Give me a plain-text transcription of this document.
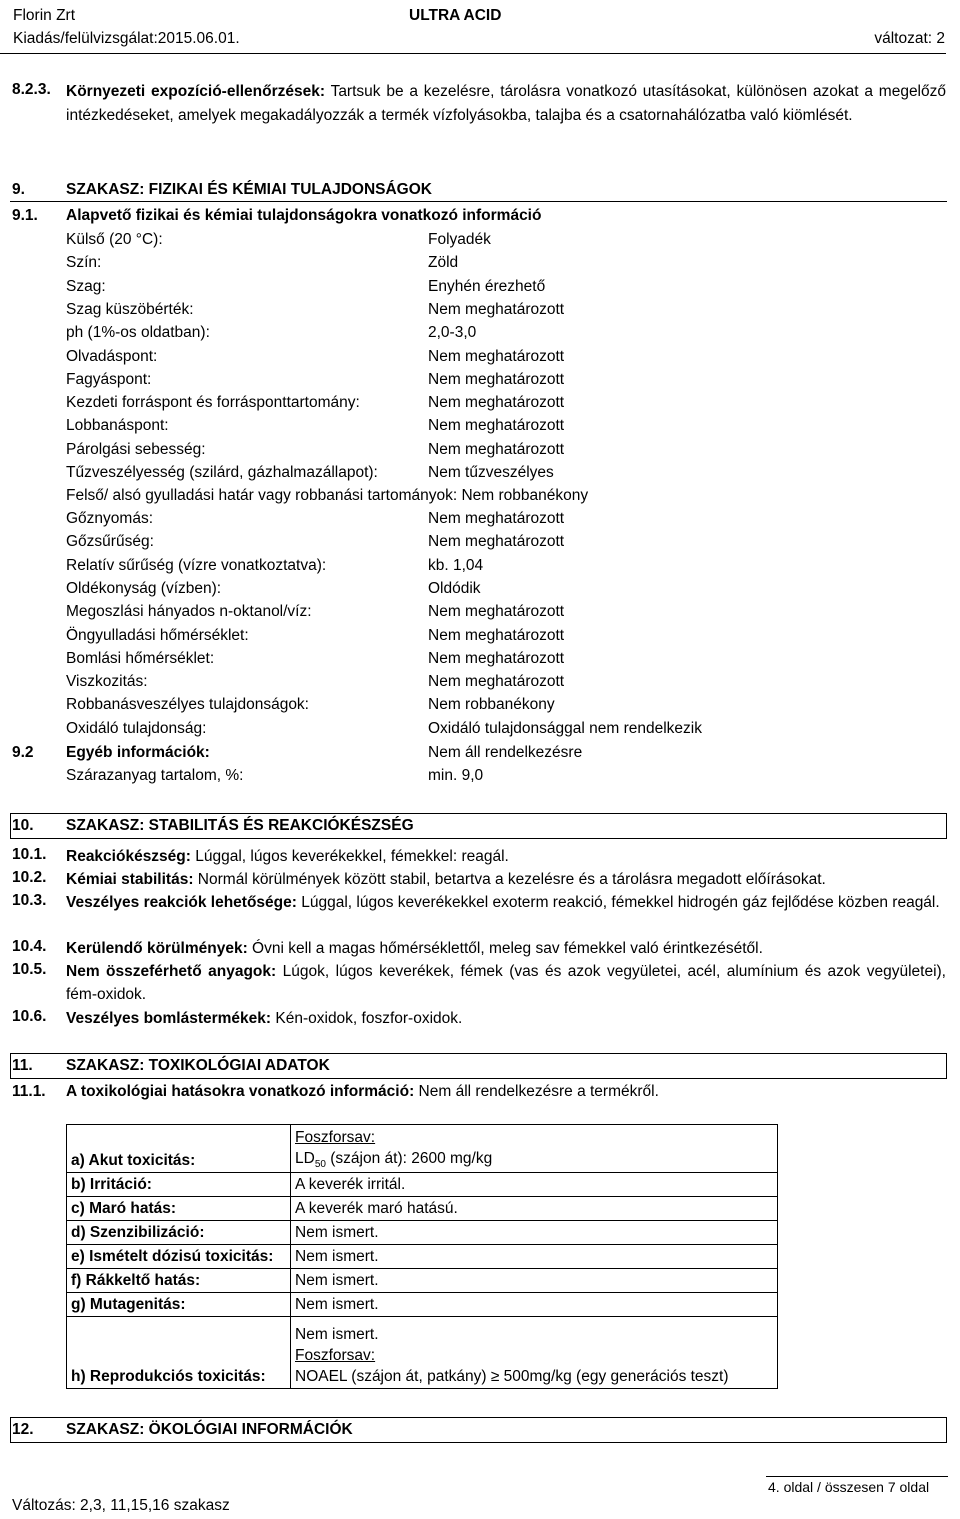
Florin Zrt	ULTRA ACID
Kiadás/felülvizsgálat:2015.06.01.	változat: 2
8.2.3. Környezeti expozíció-ellenőrzések: Tartsuk be a kezelésre, tárolásra vonatkozó utasításokat, különösen azokat a megelőző intézkedéseket, amelyek megakadályozzák a termék vízfolyásokba, talajba és a csatornahálózatba való kiömlését.
9.	SZAKASZ: FIZIKAI ÉS KÉMIAI TULAJDONSÁGOK
9.1. Alapvető fizikai és kémiai tulajdonságokra vonatkozó információ
Külső (20 °C):	Folyadék
Szín:	Zöld
Szag:	Enyhén érezhető
Szag küszöbérték:	Nem meghatározott
ph (1%-os oldatban):	2,0-3,0
Olvadáspont:	Nem meghatározott
Fagyáspont:	Nem meghatározott
Kezdeti forráspont és forrásponttartomány:	Nem meghatározott
Lobbanáspont:	Nem meghatározott
Párolgási sebesség:	Nem meghatározott
Tűzveszélyesség (szilárd, gázhalmazállapot):	Nem tűzveszélyes
Felső/ alsó gyulladási határ vagy robbanási tartományok: Nem robbanékony
Gőznyomás:	Nem meghatározott
Gőzsűrűség:	Nem meghatározott
Relatív sűrűség (vízre vonatkoztatva):	kb. 1,04
Oldékonyság (vízben):	Oldódik
Megoszlási hányados n-oktanol/víz:	Nem meghatározott
Öngyulladási hőmérséklet:	Nem meghatározott
Bomlási hőmérséklet:	Nem meghatározott
Viszkozitás:	Nem meghatározott
Robbanásveszélyes tulajdonságok:	Nem robbanékony
Oxidáló tulajdonság:	Oxidáló tulajdonsággal nem rendelkezik
9.2 Egyéb információk:	Nem áll rendelkezésre
Szárazanyag tartalom, %:	min. 9,0
10. SZAKASZ: STABILITÁS ÉS REAKCIÓKÉSZSÉG
10.1. Reakciókészség: Lúggal, lúgos keverékekkel, fémekkel: reagál.
10.2. Kémiai stabilitás: Normál körülmények között stabil, betartva a kezelésre és a tárolásra megadott előírásokat.
10.3. Veszélyes reakciók lehetősége: Lúggal, lúgos keverékekkel exoterm reakció, fémekkel hidrogén gáz fejlődése közben reagál.
10.4. Kerülendő körülmények: Óvni kell a magas hőmérséklettől, meleg sav fémekkel való érintkezésétől.
10.5. Nem összeférhető anyagok: Lúgok, lúgos keverékek, fémek (vas és azok vegyületei, acél, alumínium és azok vegyületei), fém-oxidok.
10.6. Veszélyes bomlástermékek: Kén-oxidok, foszfor-oxidok.
11. SZAKASZ: TOXIKOLÓGIAI ADATOK
11.1. A toxikológiai hatásokra vonatkozó információ: Nem áll rendelkezésre a termékről.
a) Akut toxicitás:	Foszforsav:
$LD_{50}$ (szájon át): 2600 mg/kg

b) Irritáció:	A keverék irritál.
c) Maró hatás:	A keverék maró hatású.
d) Szenzibilizáció:	Nem ismert.
e) Ismételt dózisú toxicitás:	Nem ismert.
f) Rákkeltő hatás:	Nem ismert.
g) Mutagenitás:	Nem ismert.
h) Reprodukciós toxicitás:	Nem ismert.
Foszforsav:
NOAEL (szájon át, patkány) ≥ 500mg/kg (egy generációs teszt)
12. SZAKASZ: ÖKOLÓGIAI INFORMÁCIÓK
4. oldal / összesen 7 oldal
Változás: 2,3, 11,15,16 szakasz
